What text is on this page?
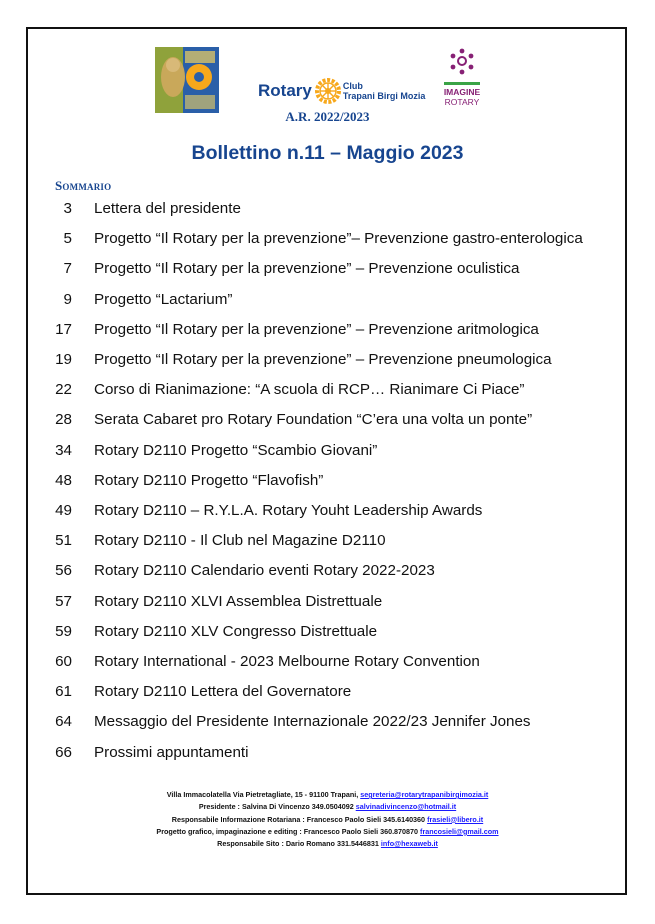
Rotary	Club
Trapani Birgi Mozia	IMAGINE
ROTARY
A.R. 2022/2023
Bollettino n.11 – Maggio 2023
Sommario
3 Lettera del presidente
5 Progetto “Il Rotary per la prevenzione”– Prevenzione gastro-enterologica
7 Progetto “Il Rotary per la prevenzione” – Prevenzione oculistica
9 Progetto “Lactarium”
17 Progetto “Il Rotary per la prevenzione” – Prevenzione aritmologica
19 Progetto “Il Rotary per la prevenzione” – Prevenzione pneumologica
22 Corso di Rianimazione: “A scuola di RCP… Rianimare Ci Piace”
28 Serata Cabaret pro Rotary Foundation “C’era una volta un ponte”
34 Rotary D2110 Progetto “Scambio Giovani”
48 Rotary D2110 Progetto “Flavofish”
49 Rotary D2110 – R.Y.L.A. Rotary Youht Leadership Awards
51 Rotary D2110 - Il Club nel Magazine D2110
56 Rotary D2110 Calendario eventi Rotary 2022-2023
57 Rotary D2110 XLVI Assemblea Distrettuale
59 Rotary D2110 XLV Congresso Distrettuale
60 Rotary International - 2023 Melbourne Rotary Convention
61 Rotary D2110 Lettera del Governatore
64 Messaggio del Presidente Internazionale 2022/23 Jennifer Jones
66 Prossimi appuntamenti
Villa Immacolatella Via Pietretagliate, 15 - 91100 Trapani, segreteria@rotarytrapanibirgimozia.it
Presidente : Salvina Di Vincenzo 349.0504092 salvinadivincenzo@hotmail.it
Responsabile Informazione Rotariana : Francesco Paolo Sieli 345.6140360 frasieli@libero.it
Progetto grafico, impaginazione e editing : Francesco Paolo Sieli 360.870870 francosieli@gmail.com
Responsabile Sito : Dario Romano 331.5446831 info@hexaweb.it
